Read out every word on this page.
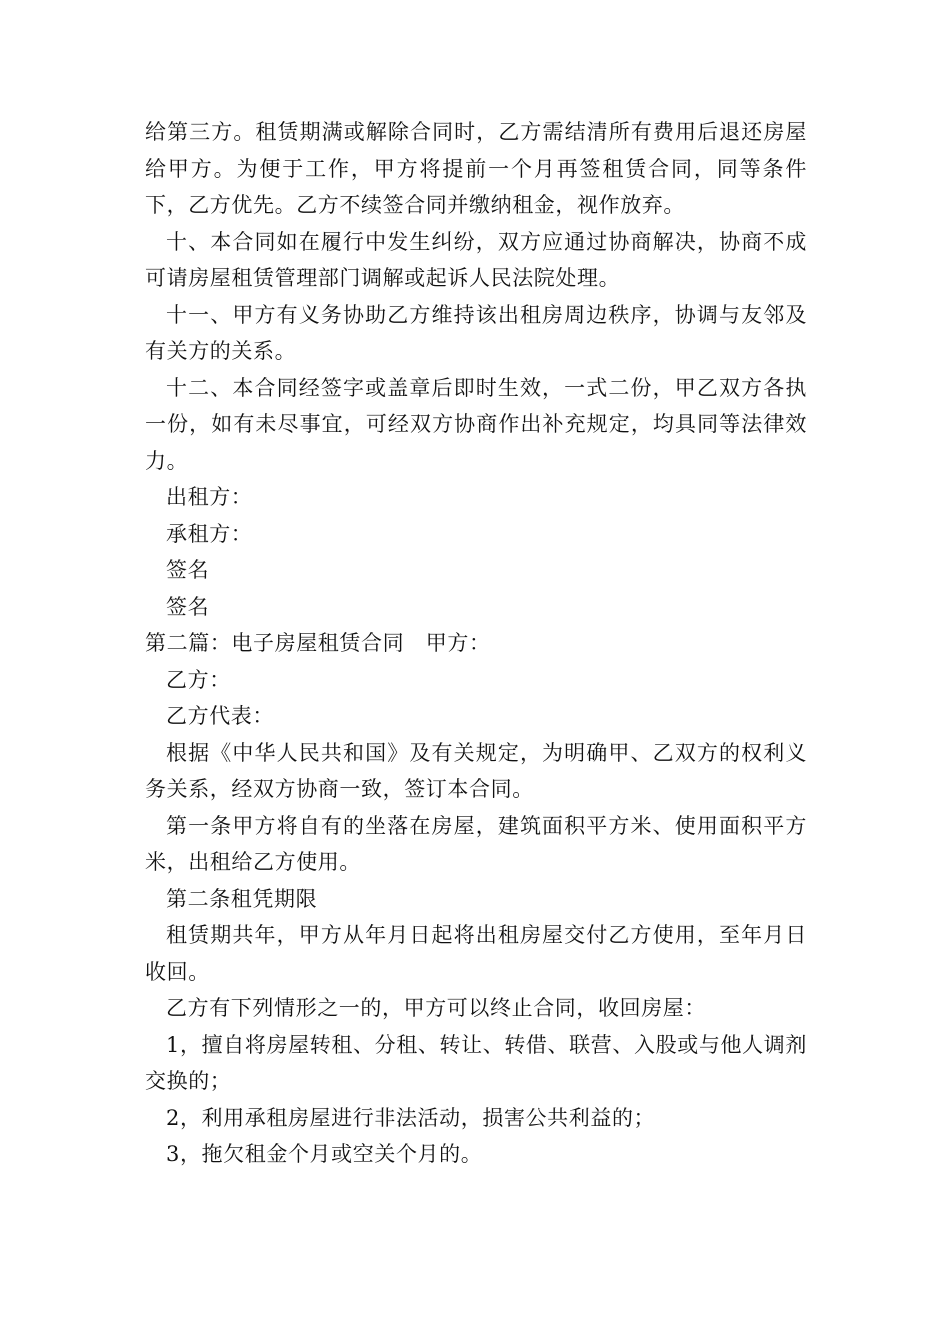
给第三方。租赁期满或解除合同时，乙方需结清所有费用后退还房屋给甲方。为便于工作，甲方将提前一个月再签租赁合同，同等条件下，乙方优先。乙方不续签合同并缴纳租金，视作放弃。

十、本合同如在履行中发生纠纷，双方应通过协商解决，协商不成可请房屋租赁管理部门调解或起诉人民法院处理。

十一、甲方有义务协助乙方维持该出租房周边秩序，协调与友邻及有关方的关系。

十二、本合同经签字或盖章后即时生效，一式二份，甲乙双方各执一份，如有未尽事宜，可经双方协商作出补充规定，均具同等法律效力。

出租方：

承租方：

签名

签名

第二篇：电子房屋租赁合同　甲方：

乙方：

乙方代表：

根据《中华人民共和国》及有关规定，为明确甲、乙双方的权利义务关系，经双方协商一致，签订本合同。

第一条甲方将自有的坐落在房屋，建筑面积平方米、使用面积平方米，出租给乙方使用。

第二条租凭期限

租赁期共年，甲方从年月日起将出租房屋交付乙方使用，至年月日收回。

乙方有下列情形之一的，甲方可以终止合同，收回房屋：

1，擅自将房屋转租、分租、转让、转借、联营、入股或与他人调剂交换的；

2，利用承租房屋进行非法活动，损害公共利益的；

3，拖欠租金个月或空关个月的。
